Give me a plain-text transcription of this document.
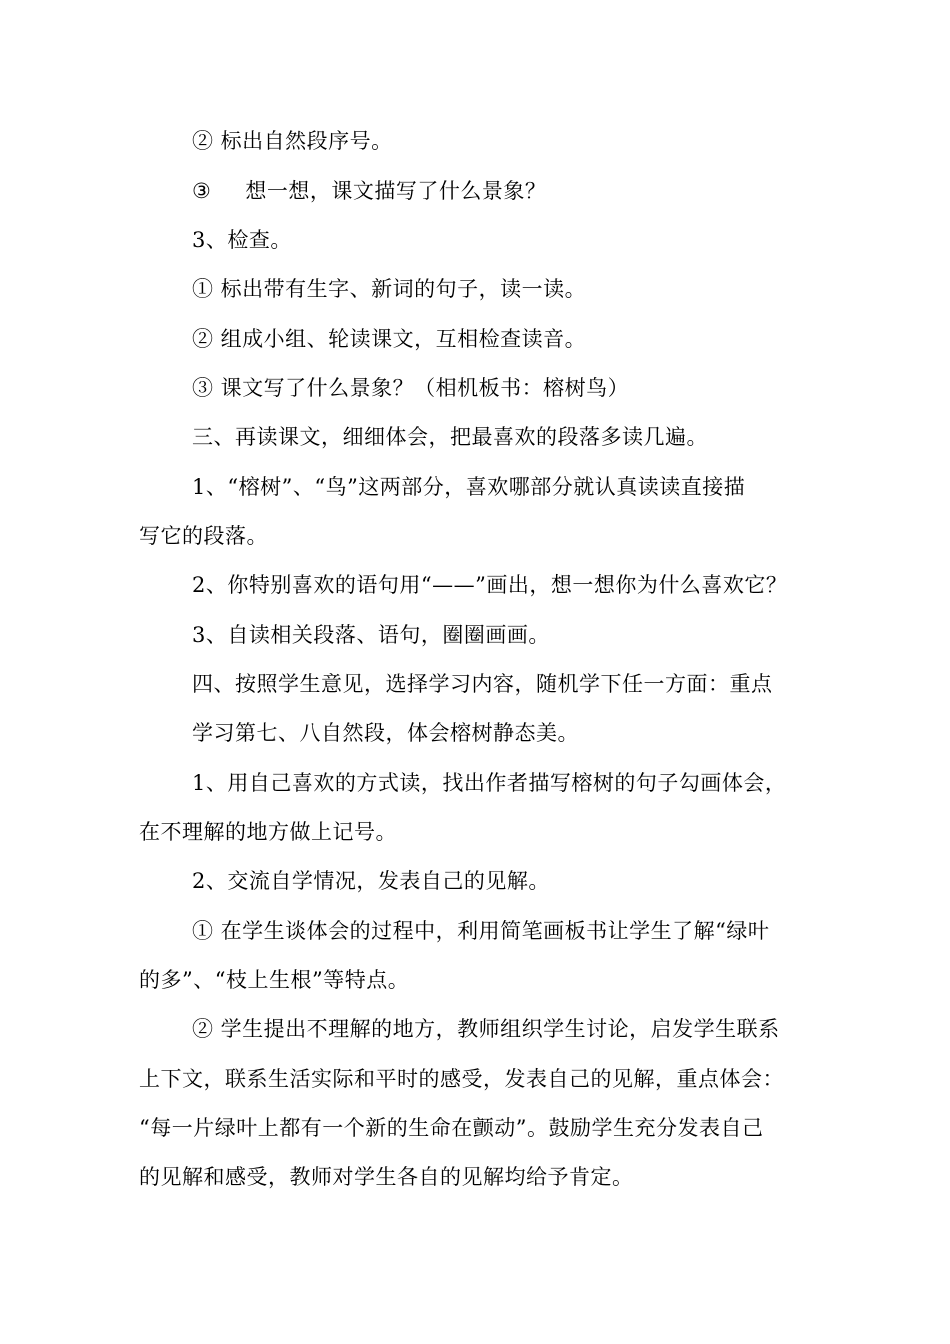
② 标出自然段序号。
③ 想一想，课文描写了什么景象？
3、检查。
① 标出带有生字、新词的句子，读一读。
② 组成小组、轮读课文，互相检查读音。
③ 课文写了什么景象？（相机板书：榕树鸟）
三、再读课文，细细体会，把最喜欢的段落多读几遍。
1、“榕树”、“鸟”这两部分，喜欢哪部分就认真读读直接描
写它的段落。
2、你特别喜欢的语句用“——”画出，想一想你为什么喜欢它？
3、自读相关段落、语句，圈圈画画。
四、按照学生意见，选择学习内容，随机学下任一方面：重点
学习第七、八自然段，体会榕树静态美。
1、用自己喜欢的方式读，找出作者描写榕树的句子勾画体会，
在不理解的地方做上记号。
2、交流自学情况，发表自己的见解。
① 在学生谈体会的过程中，利用简笔画板书让学生了解“绿叶
的多”、“枝上生根”等特点。
② 学生提出不理解的地方，教师组织学生讨论，启发学生联系
上下文，联系生活实际和平时的感受，发表自己的见解，重点体会：
“每一片绿叶上都有一个新的生命在颤动”。鼓励学生充分发表自己
的见解和感受，教师对学生各自的见解均给予肯定。
